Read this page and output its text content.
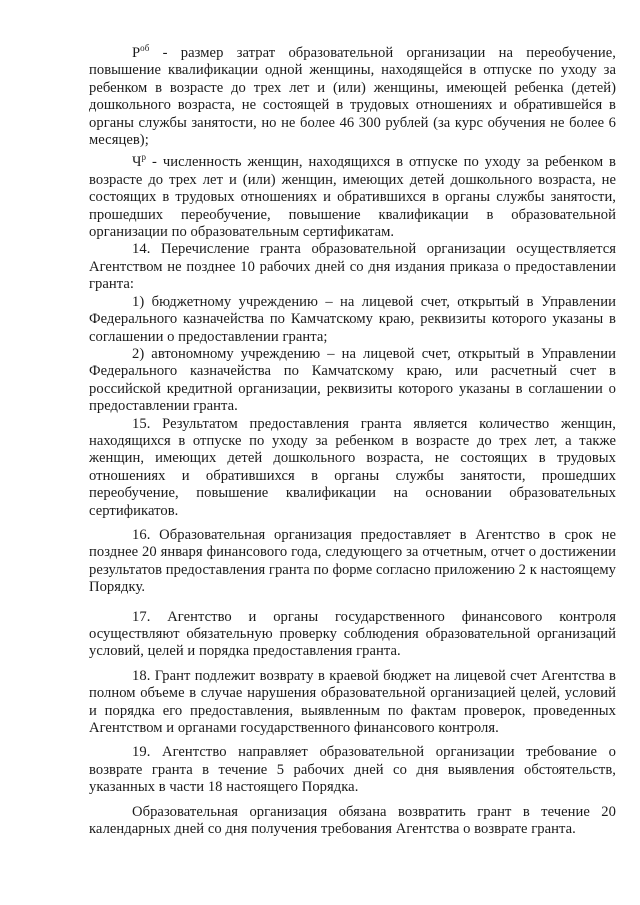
$Р^{об}$ - размер затрат образовательной организации на переобучение, повышение квалификации одной женщины, находящейся в отпуске по уходу за ребенком в возрасте до трех лет и (или) женщины, имеющей ребенка (детей) дошкольного возраста, не состоящей в трудовых отношениях и обратившейся в органы службы занятости, но не более 46 300 рублей (за курс обучения не более 6 месяцев);

$Ч^р$ - численность женщин, находящихся в отпуске по уходу за ребенком в возрасте до трех лет и (или) женщин, имеющих детей дошкольного возраста, не состоящих в трудовых отношениях и обратившихся в органы службы занятости, прошедших переобучение, повышение квалификации в образовательной организации по образовательным сертификатам.

14. Перечисление гранта образовательной организации осуществляется Агентством не позднее 10 рабочих дней со дня издания приказа о предоставлении гранта:

1) бюджетному учреждению – на лицевой счет, открытый в Управлении Федерального казначейства по Камчатскому краю, реквизиты которого указаны в соглашении о предоставлении гранта;

2) автономному учреждению – на лицевой счет, открытый в Управлении Федерального казначейства по Камчатскому краю, или расчетный счет в российской кредитной организации, реквизиты которого указаны в соглашении о предоставлении гранта.

15. Результатом предоставления гранта является количество женщин, находящихся в отпуске по уходу за ребенком в возрасте до трех лет, а также женщин, имеющих детей дошкольного возраста, не состоящих в трудовых отношениях и обратившихся в органы службы занятости, прошедших переобучение, повышение квалификации на основании образовательных сертификатов.

16. Образовательная организация предоставляет в Агентство в срок не позднее 20 января финансового года, следующего за отчетным, отчет о достижении результатов предоставления гранта по форме согласно приложению 2 к настоящему Порядку.

17. Агентство и органы государственного финансового контроля осуществляют обязательную проверку соблюдения образовательной организаций условий, целей и порядка предоставления гранта.

18. Грант подлежит возврату в краевой бюджет на лицевой счет Агентства в полном объеме в случае нарушения образовательной организацией целей, условий и порядка его предоставления, выявленным по фактам проверок, проведенных Агентством и органами государственного финансового контроля.

19. Агентство направляет образовательной организации требование о возврате гранта в течение 5 рабочих дней со дня выявления обстоятельств, указанных в части 18 настоящего Порядка.

Образовательная организация обязана возвратить грант в течение 20 календарных дней со дня получения требования Агентства о возврате гранта.
